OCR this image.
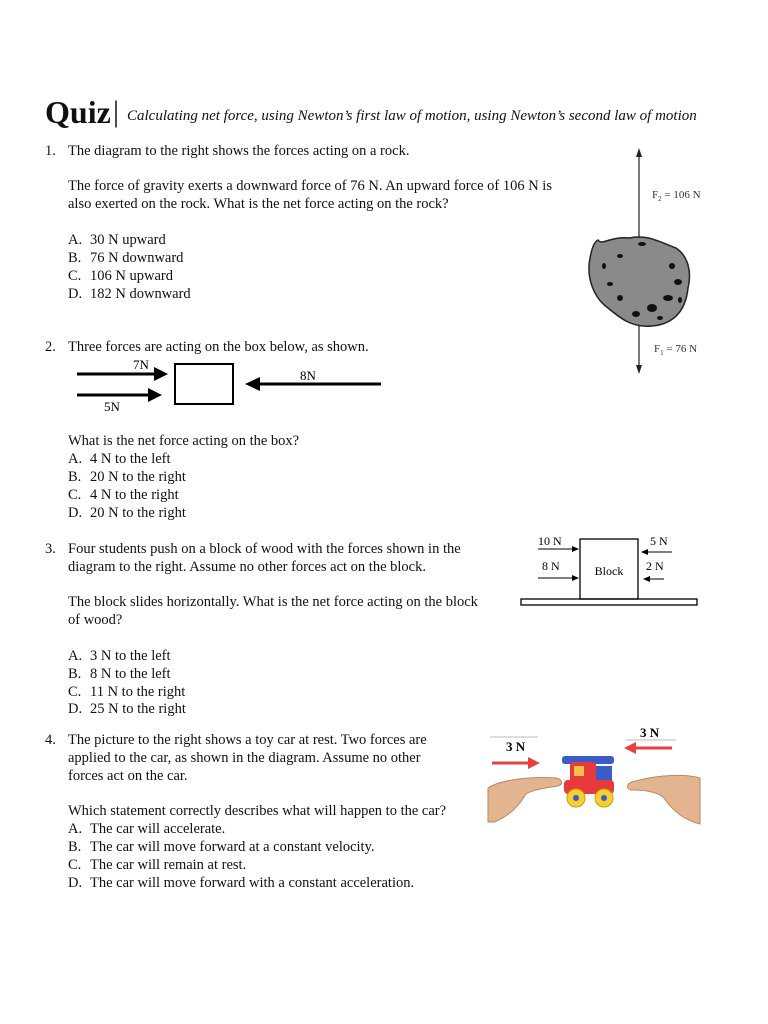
Quiz | Calculating net force, using Newton’s first law of motion, using Newton’s second law of motion
1. The diagram to the right shows the forces acting on a rock.
The force of gravity exerts a downward force of 76 N. An upward force of 106 N is
also exerted on the rock. What is the net force acting on the rock?
A. 30 N upward
B. 76 N downward
C. 106 N upward
D. 182 N downward
$F_2 = 106$ N
$F_1 = 76$ N
2. Three forces are acting on the box below, as shown.
What is the net force acting on the box?
A. 4 N to the left
B. 20 N to the right
C. 4 N to the right
D. 20 N to the right
7N
5N
8N
3. Four students push on a block of wood with the forces shown in the
diagram to the right. Assume no other forces act on the block.
The block slides horizontally. What is the net force acting on the block
of wood?
A. 3 N to the left
B. 8 N to the left
C. 11 N to the right
D. 25 N to the right
Block
10 N
8 N
5 N
2 N
4. The picture to the right shows a toy car at rest. Two forces are
applied to the car, as shown in the diagram. Assume no other
forces act on the car.
Which statement correctly describes what will happen to the car?
A. The car will accelerate.
B. The car will move forward at a constant velocity.
C. The car will remain at rest.
D. The car will move forward with a constant acceleration.
3 N
3 N
